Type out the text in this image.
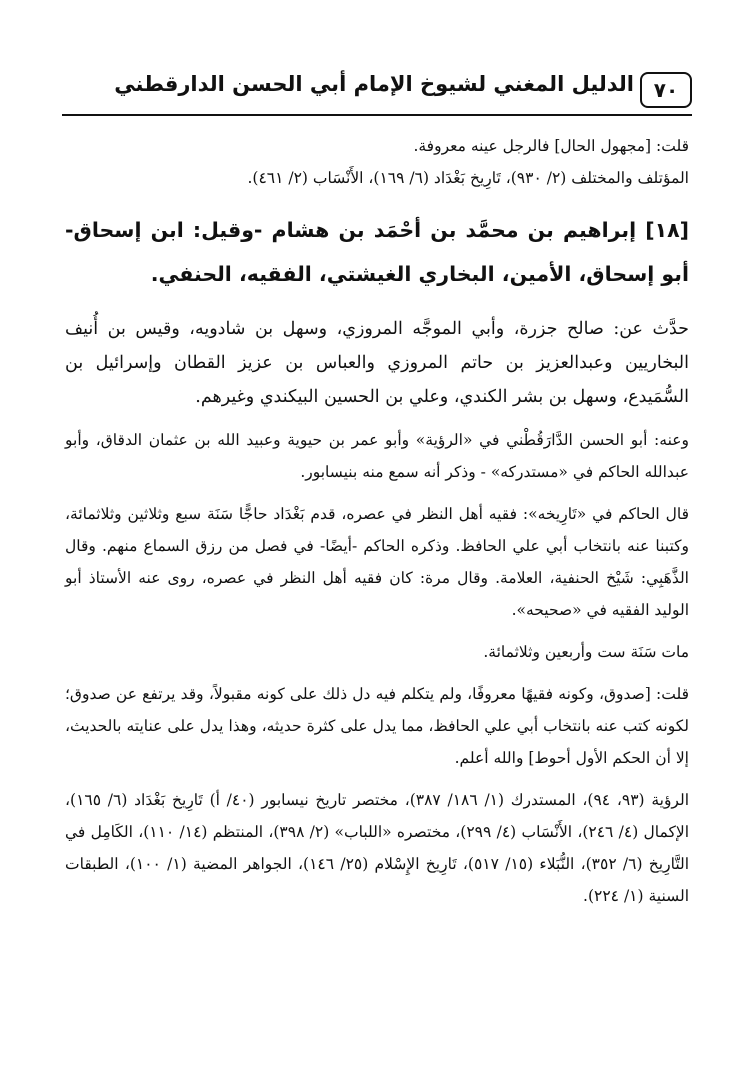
٧٠
الدليل المغني لشيوخ الإمام أبي الحسن الدارقطني

قلت: [مجهول الحال] فالرجل عينه معروفة.

المؤتلف والمختلف (٢/ ٩٣٠)، تَارِيخ بَغْدَاد (٦/ ١٦٩)، الأَنْسَاب (٢/ ٤٦١).

[١٨] إبراهيم بن محمَّد بن أحْمَد بن هشام -وقيل: ابن إسحاق- أبو إسحاق، الأمين، البخاري الغيشتي، الفقيه، الحنفي.

حدَّث عن: صالح جزرة، وأبي الموجَّه المروزي، وسهل بن شادويه، وقيس بن أُنيف البخاريين وعبدالعزيز بن حاتم المروزي والعباس بن عزيز القطان وإسرائيل بن السُّمَيدع، وسهل بن بشر الكندي، وعلي بن الحسين البيكندي وغيرهم.

وعنه: أبو الحسن الدَّارَقُطْني في «الرؤية» وأبو عمر بن حيوية وعبيد الله بن عثمان الدقاق، وأبو عبدالله الحاكم في «مستدركه» - وذكر أنه سمع منه بنيسابور.

قال الحاكم في «تَارِيخه»: فقيه أهل النظر في عصره، قدم بَغْدَاد حاجًّا سَنَة سبع وثلاثين وثلاثمائة، وكتبنا عنه بانتخاب أبي علي الحافظ. وذكره الحاكم -أيضًا- في فصل من رزق السماع منهم. وقال الذَّهَبِي: شَيْخ الحنفية، العلامة. وقال مرة: كان فقيه أهل النظر في عصره، روى عنه الأستاذ أبو الوليد الفقيه في «صحيحه».

مات سَنَة ست وأربعين وثلاثمائة.

قلت: [صدوق، وكونه فقيهًا معروفًا، ولم يتكلم فيه دل ذلك على كونه مقبولاً، وقد يرتفع عن صدوق؛ لكونه كتب عنه بانتخاب أبي علي الحافظ، مما يدل على كثرة حديثه، وهذا يدل على عنايته بالحديث، إلا أن الحكم الأول أحوط] والله أعلم.

الرؤية (٩٣، ٩٤)، المستدرك (١/ ١٨٦/ ٣٨٧)، مختصر تاريخ نيسابور (٤٠/ أ) تَارِيخ بَغْدَاد (٦/ ١٦٥)، الإكمال (٤/ ٢٤٦)، الأَنْسَاب (٤/ ٢٩٩)، مختصره «اللباب» (٢/ ٣٩٨)، المنتظم (١٤/ ١١٠)، الكَامِل في التَّارِيخ (٦/ ٣٥٢)، النُّبَلاء (١٥/ ٥١٧)، تَارِيخ الإِسْلام (٢٥/ ١٤٦)، الجواهر المضية (١/ ١٠٠)، الطبقات السنية (١/ ٢٢٤).
